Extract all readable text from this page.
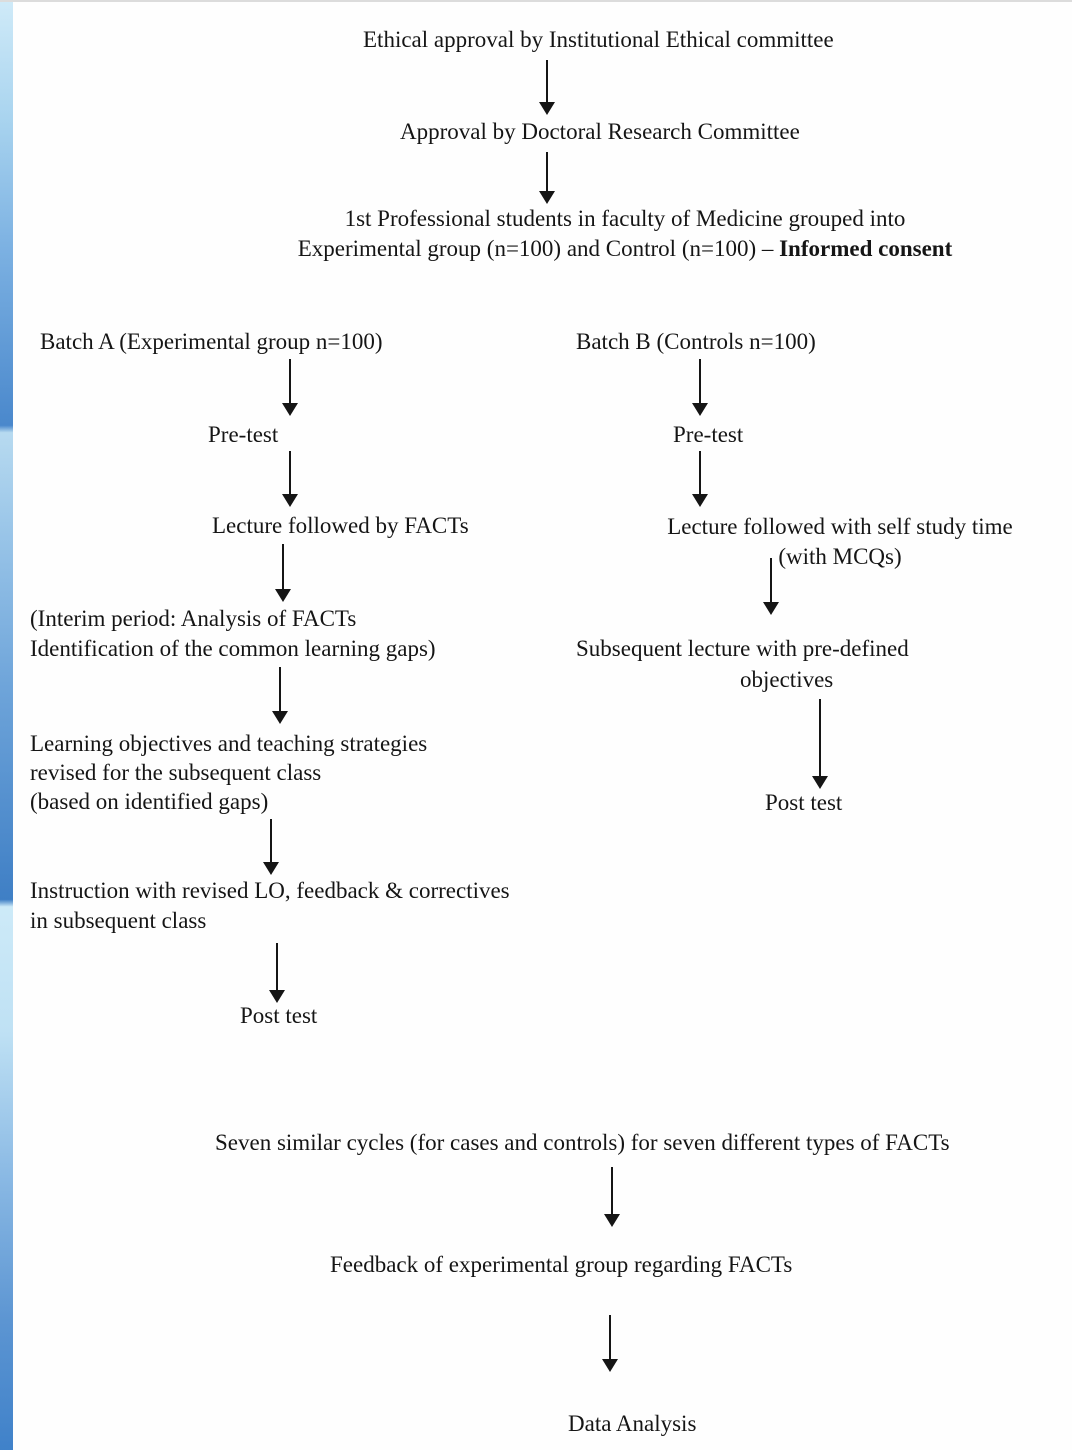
Ethical approval by Institutional Ethical committee
Approval by Doctoral Research Committee
1st Professional students in faculty of Medicine grouped into
Experimental group (n=100) and Control (n=100) – Informed consent
Batch A (Experimental group n=100)	Batch B (Controls n=100)
Pre-test	Pre-test
Lecture followed by FACTs	Lecture followed with self study time
(with MCQs)
(Interim period: Analysis of FACTs
Identification of the common learning gaps)	Subsequent lecture with pre-defined
objectives
Learning objectives and teaching strategies
revised for the subsequent class
(based on identified gaps)	Post test
Instruction with revised LO, feedback & correctives
in subsequent class
Post test
Seven similar cycles (for cases and controls) for seven different types of FACTs
Feedback of experimental group regarding FACTs
Data Analysis
